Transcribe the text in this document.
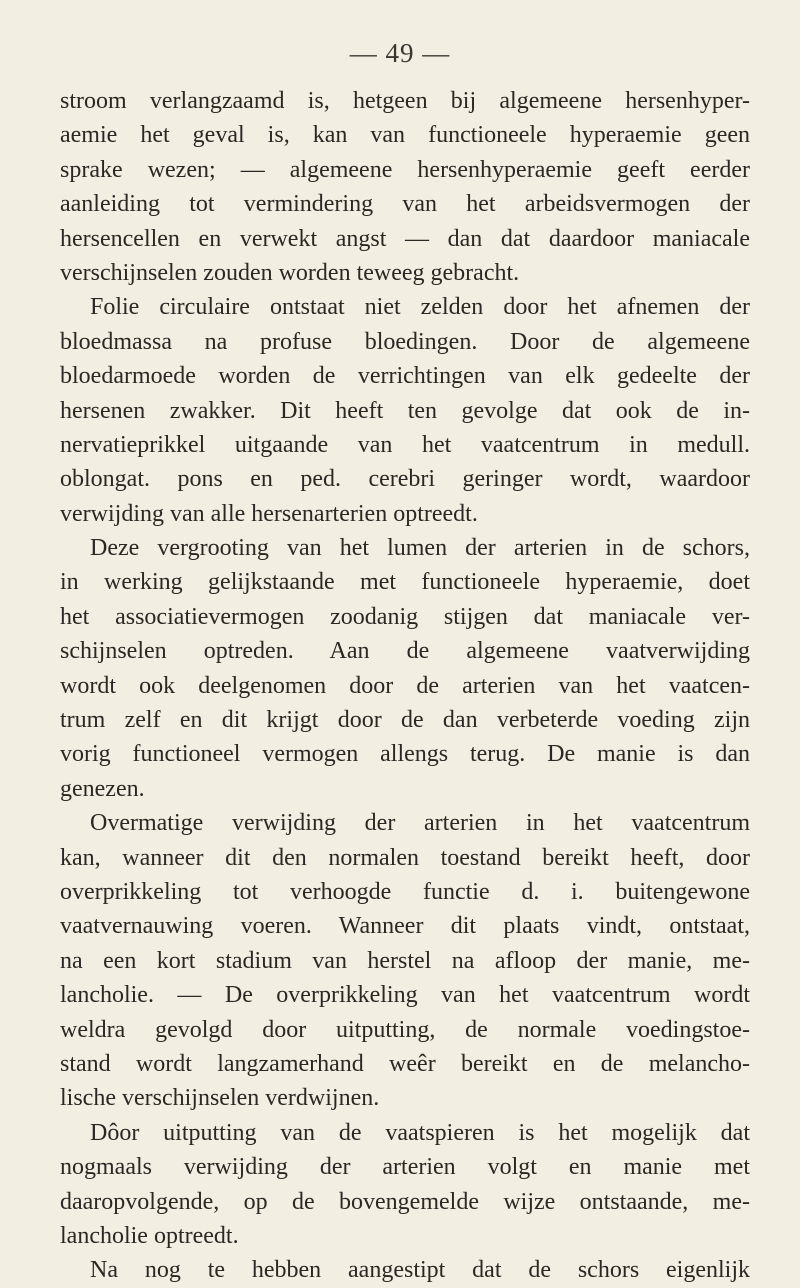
— 49 —
stroom verlangzaamd is, hetgeen bij algemeene hersenhyper-
aemie het geval is, kan van functioneele hyperaemie geen
sprake wezen; — algemeene hersenhyperaemie geeft eerder
aanleiding tot vermindering van het arbeidsvermogen der
hersencellen en verwekt angst — dan dat daardoor maniacale
verschijnselen zouden worden teweeg gebracht.
Folie circulaire ontstaat niet zelden door het afnemen der
bloedmassa na profuse bloedingen. Door de algemeene
bloedarmoede worden de verrichtingen van elk gedeelte der
hersenen zwakker. Dit heeft ten gevolge dat ook de in-
nervatieprikkel uitgaande van het vaatcentrum in medull.
oblongat. pons en ped. cerebri geringer wordt, waardoor
verwijding van alle hersenarterien optreedt.
Deze vergrooting van het lumen der arterien in de schors,
in werking gelijkstaande met functioneele hyperaemie, doet
het associatievermogen zoodanig stijgen dat maniacale ver-
schijnselen optreden. Aan de algemeene vaatverwijding
wordt ook deelgenomen door de arterien van het vaatcen-
trum zelf en dit krijgt door de dan verbeterde voeding zijn
vorig functioneel vermogen allengs terug. De manie is dan
genezen.
Overmatige verwijding der arterien in het vaatcentrum
kan, wanneer dit den normalen toestand bereikt heeft, door
overprikkeling tot verhoogde functie d. i. buitengewone
vaatvernauwing voeren. Wanneer dit plaats vindt, ontstaat,
na een kort stadium van herstel na afloop der manie, me-
lancholie. — De overprikkeling van het vaatcentrum wordt
weldra gevolgd door uitputting, de normale voedingstoe-
stand wordt langzamerhand weêr bereikt en de melancho-
lische verschijnselen verdwijnen.
Dôor uitputting van de vaatspieren is het mogelijk dat
nogmaals verwijding der arterien volgt en manie met
daaropvolgende, op de bovengemelde wijze ontstaande, me-
lancholie optreedt.
Na nog te hebben aangestipt dat de schors eigenlijk
